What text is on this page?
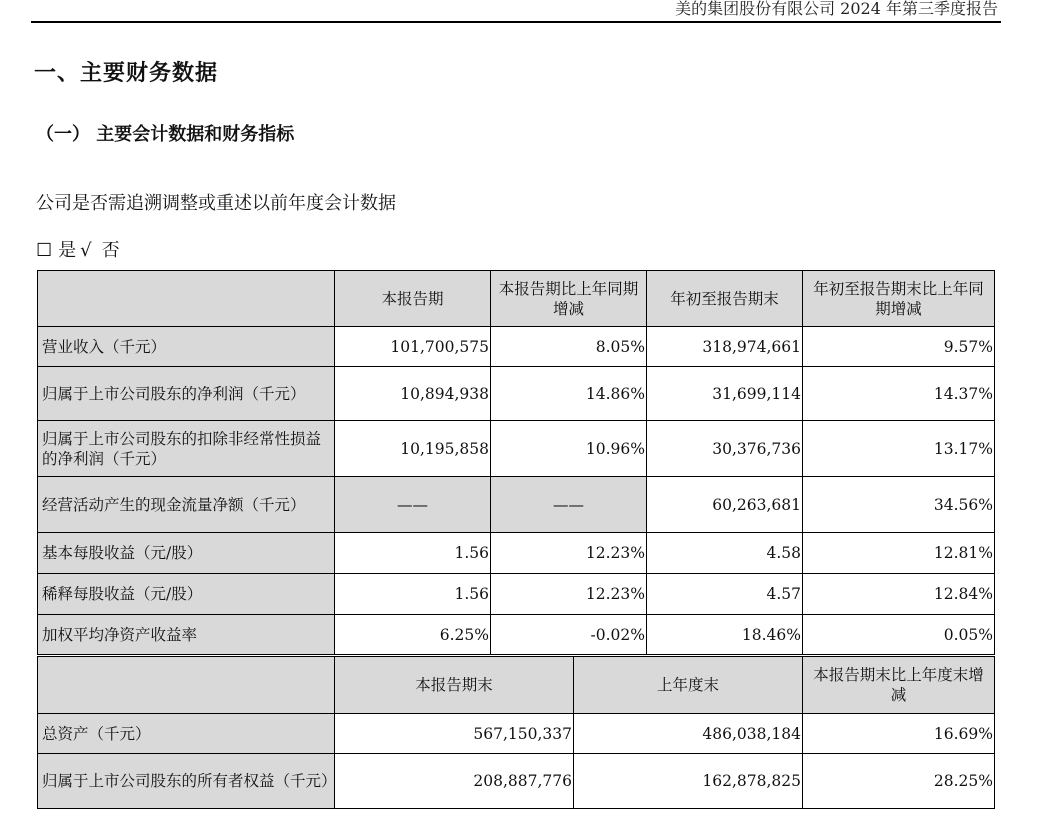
美的集团股份有限公司 2024 年第三季度报告
一、主要财务数据
（一） 主要会计数据和财务指标
公司是否需追溯调整或重述以前年度会计数据
☐ 是 √ 否
	本报告期	本报告期比上年同期增减	年初至报告期末	年初至报告期末比上年同期增减
营业收入（千元）	101,700,575	8.05%	318,974,661	9.57%
归属于上市公司股东的净利润（千元）	10,894,938	14.86%	31,699,114	14.37%
归属于上市公司股东的扣除非经常性损益的净利润（千元）	10,195,858	10.96%	30,376,736	13.17%
经营活动产生的现金流量净额（千元）	——	——	60,263,681	34.56%
基本每股收益（元/股）	1.56	12.23%	4.58	12.81%
稀释每股收益（元/股）	1.56	12.23%	4.57	12.84%
加权平均净资产收益率	6.25%	-0.02%	18.46%	0.05%
	本报告期末	上年度末	本报告期末比上年度末增减
总资产（千元）	567,150,337	486,038,184	16.69%
归属于上市公司股东的所有者权益（千元）	208,887,776	162,878,825	28.25%
